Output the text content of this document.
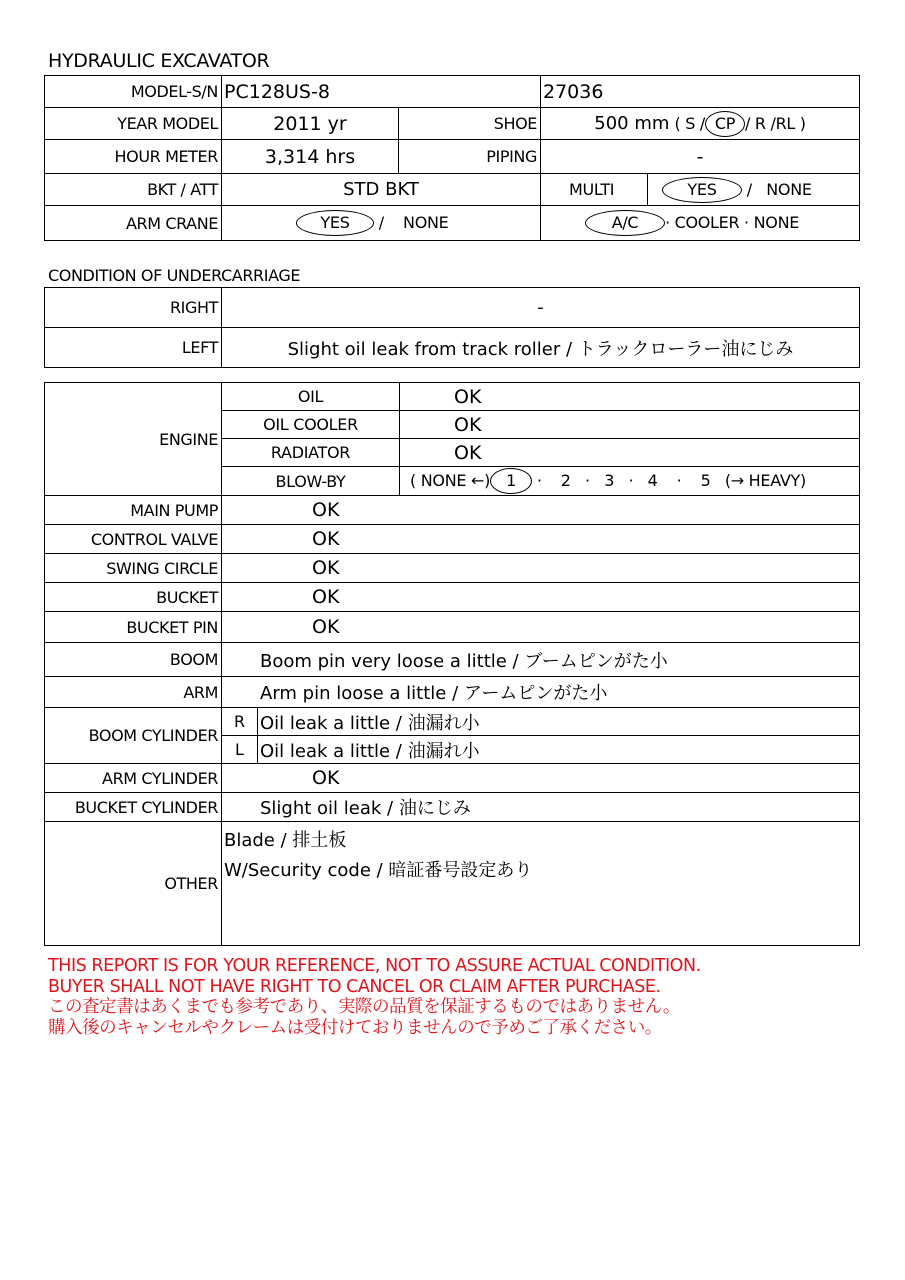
HYDRAULIC EXCAVATOR
MODEL-S/N	PC128US-8		27036	
YEAR MODEL	2011 yr	SHOE	500 mm ( S / CP / R /RL )	
HOUR METER	3,314 hrs	PIPING	-	
BKT / ATT	STD BKT		MULTI	YES / NONE
ARM CRANE	YES / NONE		A/C · COOLER · NONE	
CONDITION OF UNDERCARRIAGE
RIGHT	-
LEFT	Slight oil leak from track roller / トラックローラー油にじみ
ENGINE	OIL		OK
	OIL COOLER		OK
	RADIATOR		OK
	BLOW-BY		( NONE ←) 1 · 2 · 3 · 4 · 5 (→ HEAVY)
MAIN PUMP	OK		
CONTROL VALVE	OK		
SWING CIRCLE	OK		
BUCKET	OK		
BUCKET PIN	OK		
BOOM	Boom pin very loose a little / ブームピンがた小		
ARM	Arm pin loose a little / アームピンがた小		
BOOM CYLINDER	R	Oil leak a little / 油漏れ小	
	L	Oil leak a little / 油漏れ小	
ARM CYLINDER	OK		
BUCKET CYLINDER	Slight oil leak / 油にじみ		
OTHER	Blade / 排土板
W/Security code / 暗証番号設定あり		
THIS REPORT IS FOR YOUR REFERENCE, NOT TO ASSURE ACTUAL CONDITION.
BUYER SHALL NOT HAVE RIGHT TO CANCEL OR CLAIM AFTER PURCHASE.
この査定書はあくまでも参考であり、実際の品質を保証するものではありません。
購入後のキャンセルやクレームは受付けておりませんので予めご了承ください。
